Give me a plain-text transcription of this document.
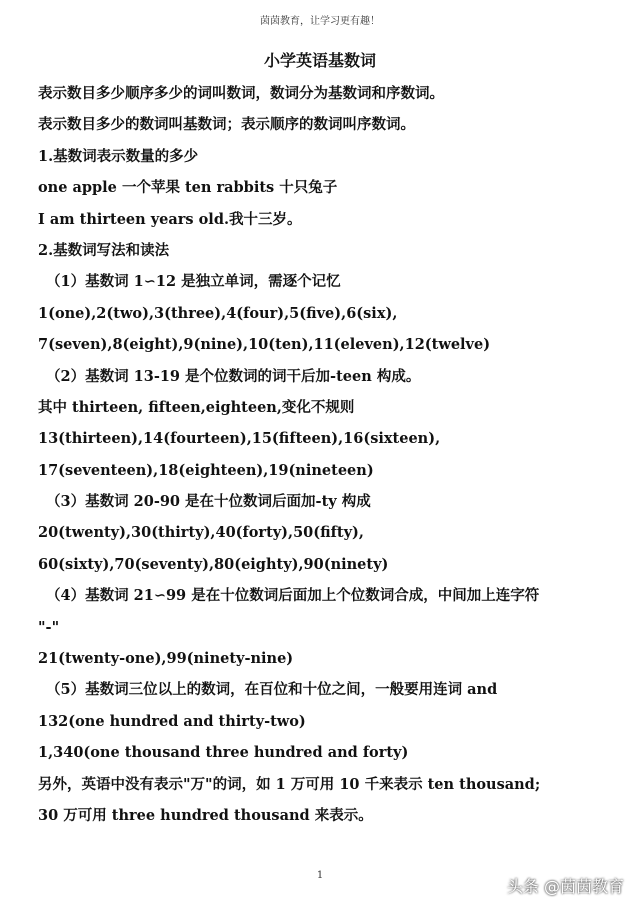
茵茵教育，让学习更有趣！
小学英语基数词
表示数目多少顺序多少的词叫数词，数词分为基数词和序数词。
表示数目多少的数词叫基数词；表示顺序的数词叫序数词。
1.基数词表示数量的多少
one apple 一个苹果 ten rabbits 十只兔子
I am thirteen years old.我十三岁。
2.基数词写法和读法
（1）基数词 1∽12 是独立单词，需逐个记忆
1(one),2(two),3(three),4(four),5(five),6(six),
7(seven),8(eight),9(nine),10(ten),11(eleven),12(twelve)
（2）基数词 13-19 是个位数词的词干后加-teen 构成。
其中 thirteen, fifteen,eighteen,变化不规则
13(thirteen),14(fourteen),15(fifteen),16(sixteen),
17(seventeen),18(eighteen),19(nineteen)
（3）基数词 20-90 是在十位数词后面加-ty 构成
20(twenty),30(thirty),40(forty),50(fifty),
60(sixty),70(seventy),80(eighty),90(ninety)
（4）基数词 21∽99 是在十位数词后面加上个位数词合成，中间加上连字符
"-"
21(twenty-one),99(ninety-nine)
（5）基数词三位以上的数词，在百位和十位之间，一般要用连词 and
132(one hundred and thirty-two)
1,340(one thousand three hundred and forty)
另外，英语中没有表示"万"的词，如 1 万可用 10 千来表示 ten thousand;
30 万可用 three hundred thousand 来表示。
1
头条 @茵茵教育
